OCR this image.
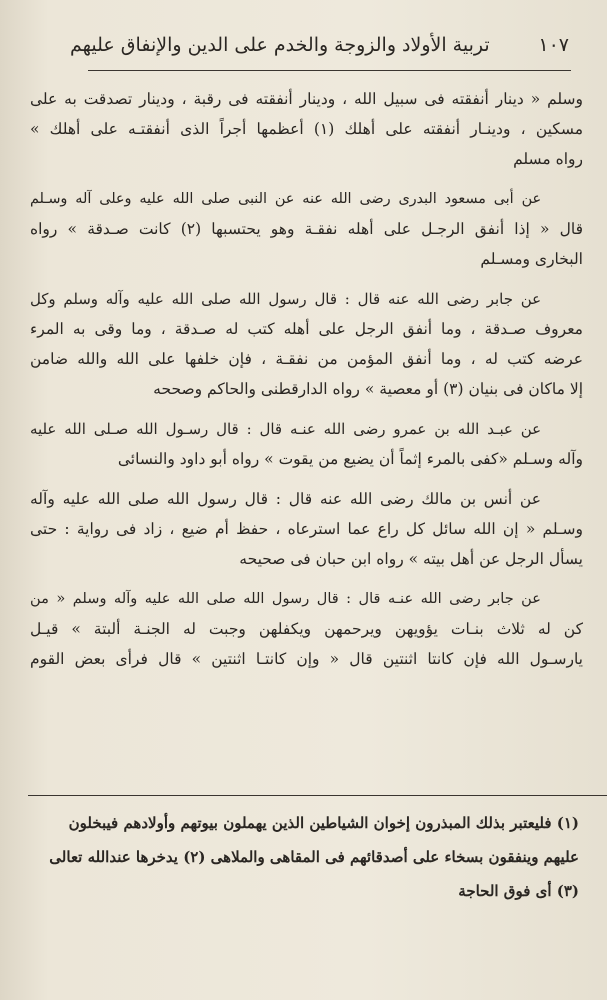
تربية الأولاد والزوجة والخدم على الدين والإنفاق عليهم	١٠٧

وسلم « دينار أنفقته فى سبيل الله ، ودينار أنفقته فى رقبة ، ودينار تصدقت به على
مسكين ، ودينـار أنفقته على أهلك (١) أعظمها أجراً الذى أنفقتـه على أهلك »
رواه مسلم

عن أبى مسعود البدرى رضى الله عنه عن النبى صلى الله عليه وعلى آله وسـلم
قال « إذا أنفق الرجـل على أهله نفقـة وهو يحتسبها (٢) كانت صـدقة » رواه
البخارى ومسـلم

عن جابر رضى الله عنه قال : قال رسول الله صلى الله عليه وآله وسلم وكل
معروف صـدقة ، وما أنفق الرجل على أهله كتب له صـدقة ، وما وقى به المرء
عرضه كتب له ، وما أنفق المؤمن من نفقـة ، فإن خلفها على الله والله ضامن
إلا ماكان فى بنيان (٣) أو معصية » رواه الدارقطنى والحاكم وصححه

عن عبـد الله بن عمرو رضى الله عنـه قال : قال رسـول الله صـلى الله عليه
وآله وسـلم «كفى بالمرء إثماً أن يضيع من يقوت » رواه أبو داود والنسائى

عن أنس بن مالك رضى الله عنه قال : قال رسول الله صلى الله عليه وآله
وسـلم « إن الله سائل كل راع عما استرعاه ، حفظ أم ضيع ، زاد فى رواية : حتى
يسأل الرجل عن أهل بيته » رواه ابن حبان فى صحيحه

عن جابر رضى الله عنـه قال : قال رسول الله صلى الله عليه وآله وسلم « من
كن له ثلاث بنـات يؤويهن ويرحمهن ويكفلهن وجبت له الجنـة ألبتة » قيـل
يارسـول الله فإن كانتا اثنتين قال « وإن كانتـا اثنتين » قال فرأى بعض القوم

(١) فليعتبر بذلك المبذرون إخوان الشياطين الذين يهملون بيوتهم وأولادهم فيبخلون
عليهم وينفقون بسخاء على أصدقائهم فى المقاهى والملاهى (٢) يدخرها عندالله تعالى
(٣) أى فوق الحاجة
